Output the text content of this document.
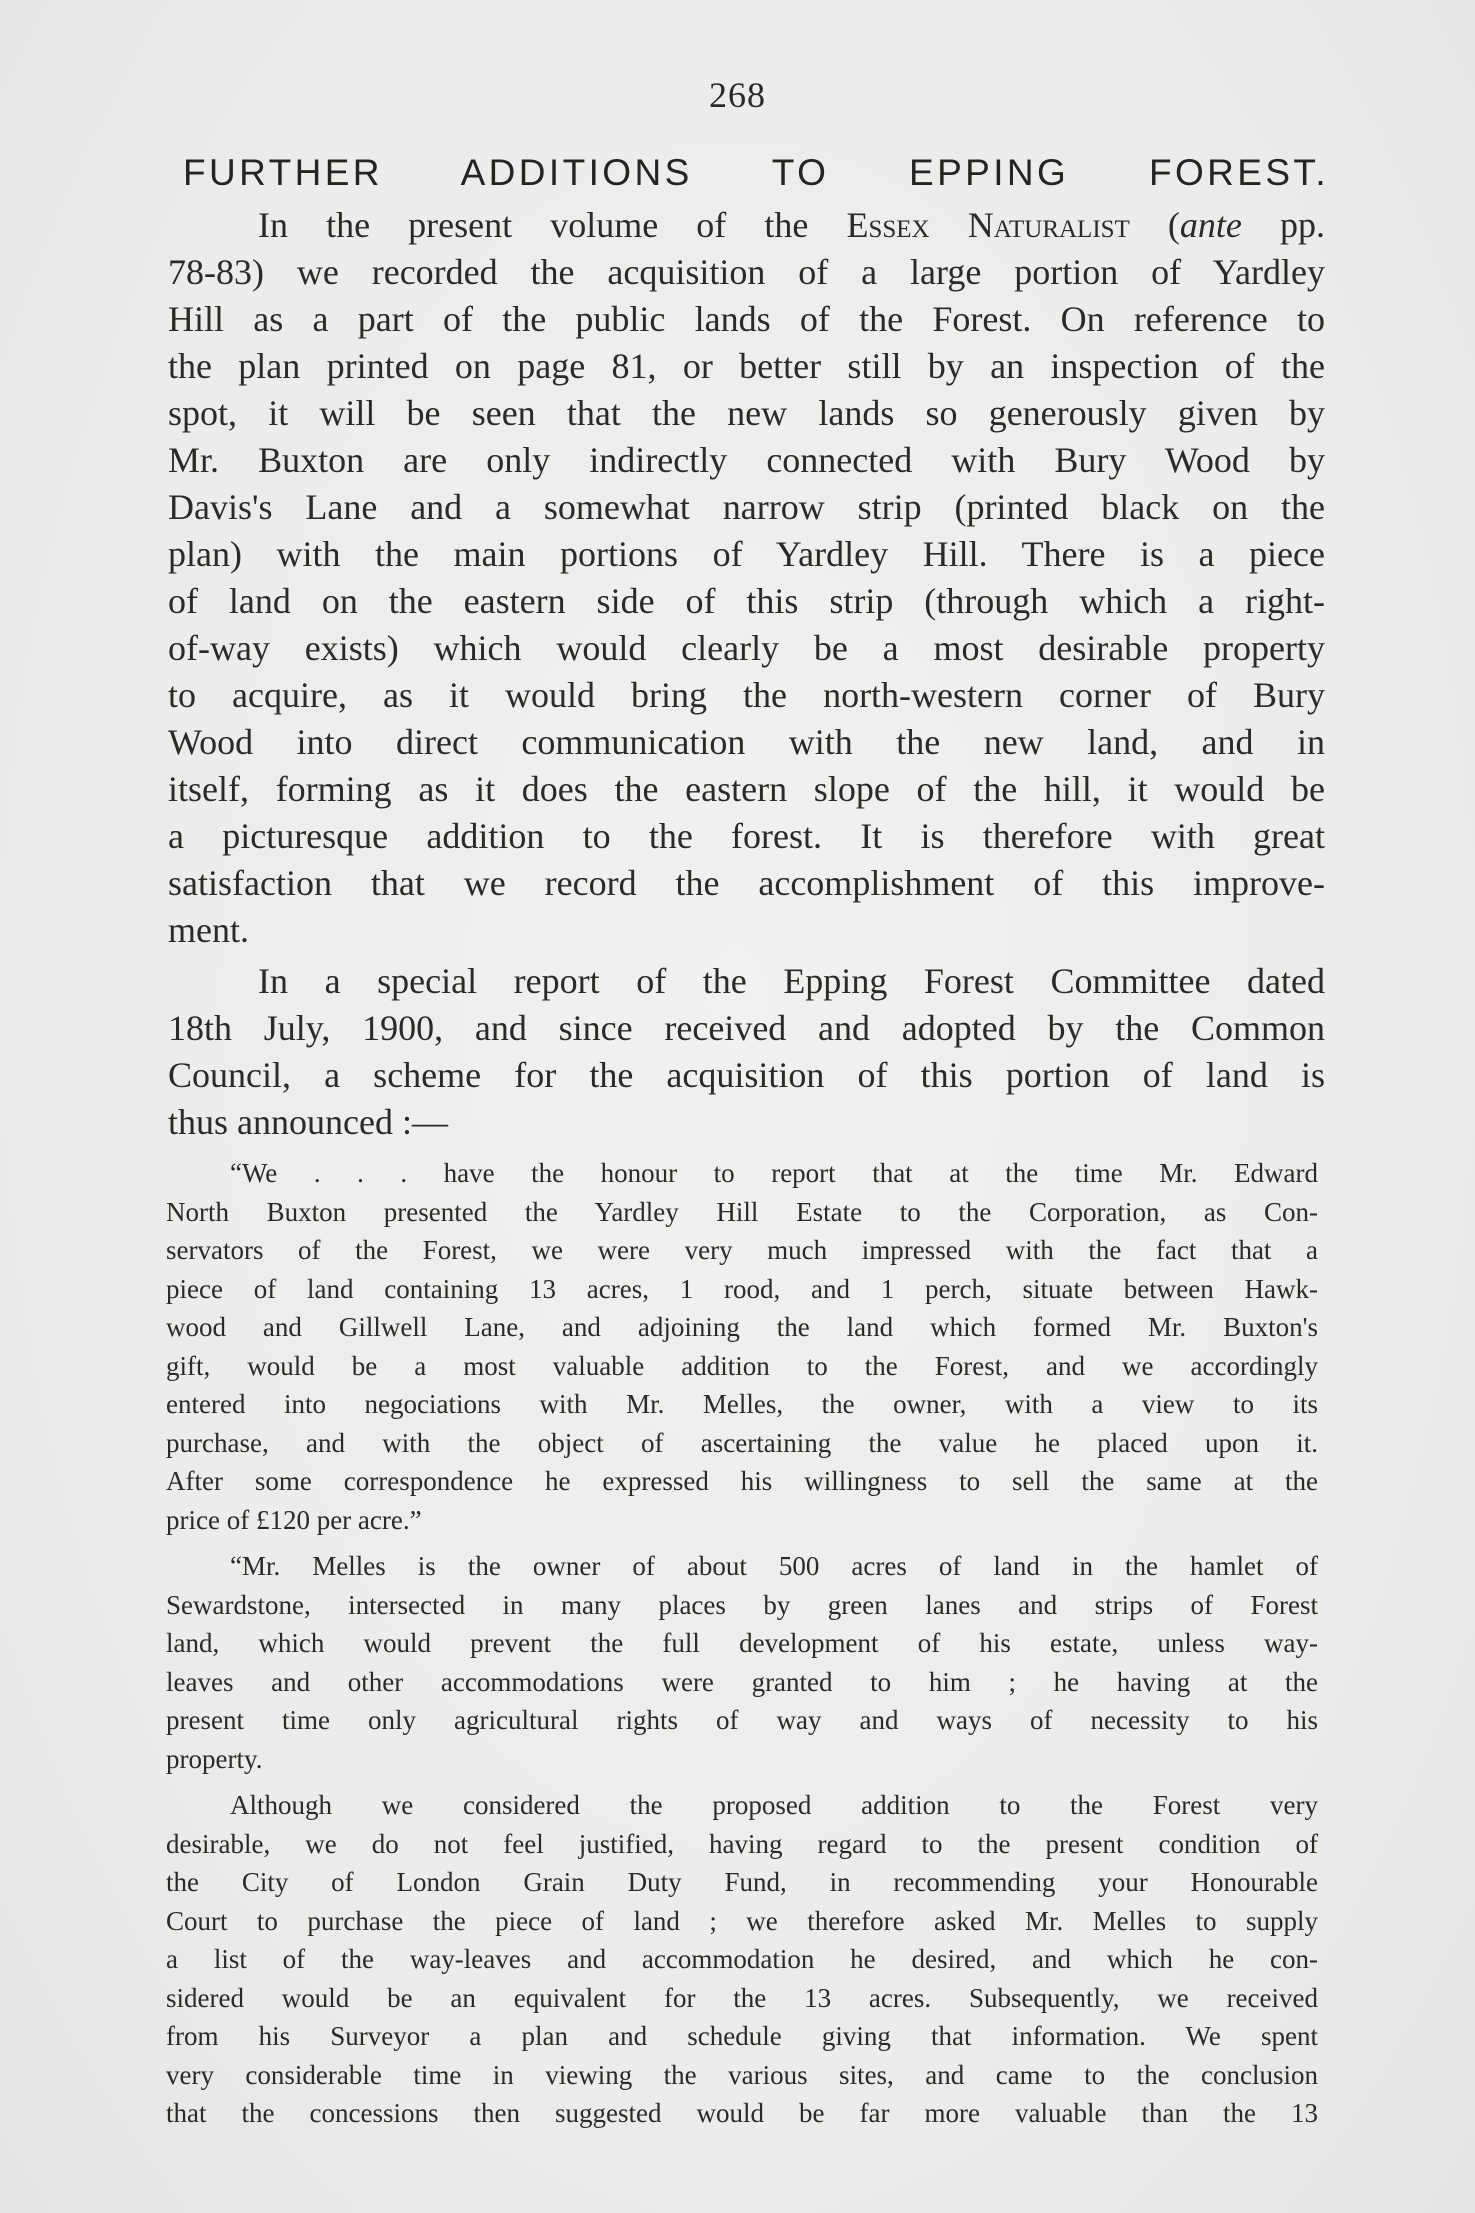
268
FURTHER ADDITIONS TO EPPING FOREST.
In the present volume of the Essex Naturalist (ante pp.
78-83) we recorded the acquisition of a large portion of Yardley
Hill as a part of the public lands of the Forest. On reference to
the plan printed on page 81, or better still by an inspection of the
spot, it will be seen that the new lands so generously given by
Mr. Buxton are only indirectly connected with Bury Wood by
Davis's Lane and a somewhat narrow strip (printed black on the
plan) with the main portions of Yardley Hill. There is a piece
of land on the eastern side of this strip (through which a right-
of-way exists) which would clearly be a most desirable property
to acquire, as it would bring the north-western corner of Bury
Wood into direct communication with the new land, and in
itself, forming as it does the eastern slope of the hill, it would be
a picturesque addition to the forest. It is therefore with great
satisfaction that we record the accomplishment of this improve-
ment.
In a special report of the Epping Forest Committee dated
18th July, 1900, and since received and adopted by the Common
Council, a scheme for the acquisition of this portion of land is
thus announced :—
“We . . . have the honour to report that at the time Mr. Edward
North Buxton presented the Yardley Hill Estate to the Corporation, as Con-
servators of the Forest, we were very much impressed with the fact that a
piece of land containing 13 acres, 1 rood, and 1 perch, situate between Hawk-
wood and Gillwell Lane, and adjoining the land which formed Mr. Buxton's
gift, would be a most valuable addition to the Forest, and we accordingly
entered into negociations with Mr. Melles, the owner, with a view to its
purchase, and with the object of ascertaining the value he placed upon it.
After some correspondence he expressed his willingness to sell the same at the
price of £120 per acre.”
“Mr. Melles is the owner of about 500 acres of land in the hamlet of
Sewardstone, intersected in many places by green lanes and strips of Forest
land, which would prevent the full development of his estate, unless way-
leaves and other accommodations were granted to him ; he having at the
present time only agricultural rights of way and ways of necessity to his
property.
Although we considered the proposed addition to the Forest very
desirable, we do not feel justified, having regard to the present condition of
the City of London Grain Duty Fund, in recommending your Honourable
Court to purchase the piece of land ; we therefore asked Mr. Melles to supply
a list of the way-leaves and accommodation he desired, and which he con-
sidered would be an equivalent for the 13 acres. Subsequently, we received
from his Surveyor a plan and schedule giving that information. We spent
very considerable time in viewing the various sites, and came to the conclusion
that the concessions then suggested would be far more valuable than the 13
